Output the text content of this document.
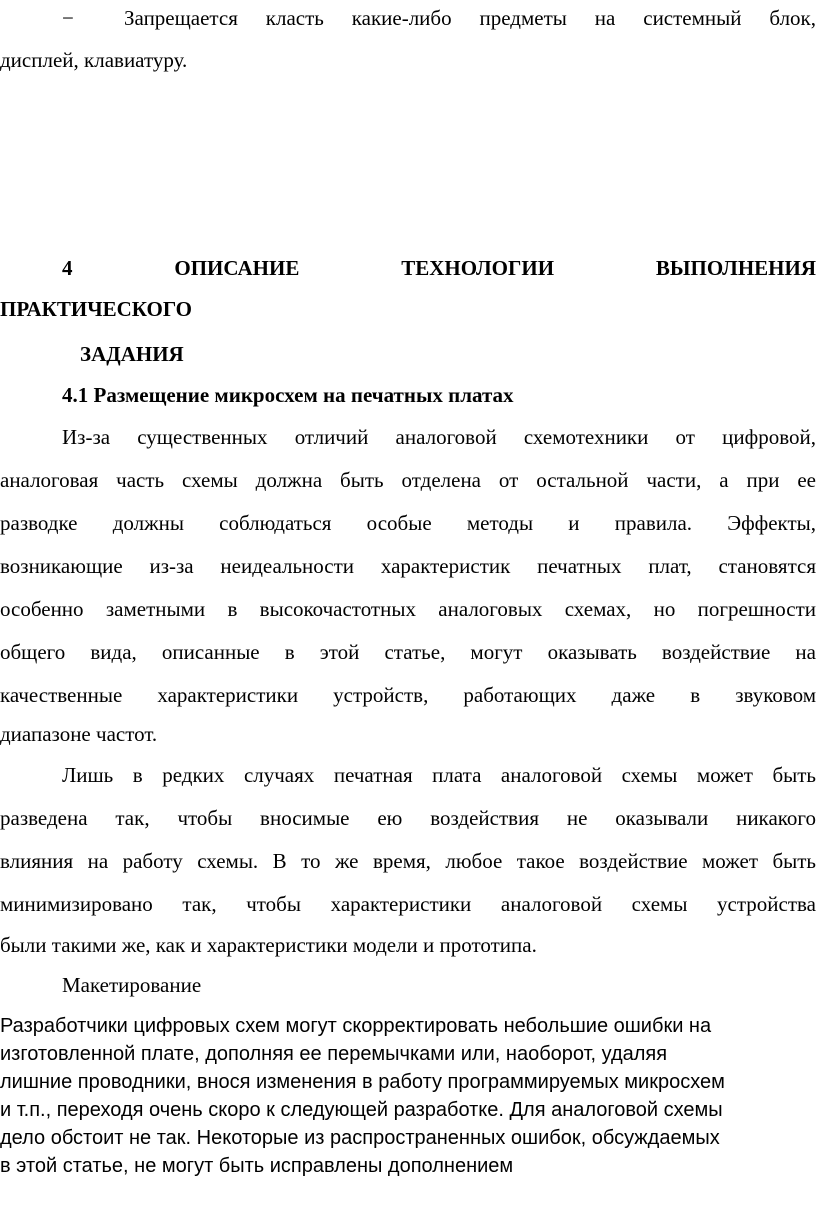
− Запрещается класть какие-либо предметы на системный блок,
дисплей, клавиатуру.
4	ОПИСАНИЕ	ТЕХНОЛОГИИ	ВЫПОЛНЕНИЯ
ПРАКТИЧЕСКОГО
ЗАДАНИЯ
4.1 Размещение микросхем на печатных платах
Из-за существенных отличий аналоговой схемотехники от цифровой,
аналоговая часть схемы должна быть отделена от остальной части, а при ее
разводке должны соблюдаться особые методы и правила. Эффекты,
возникающие из-за неидеальности характеристик печатных плат, становятся
особенно заметными в высокочастотных аналоговых схемах, но погрешности
общего вида, описанные в этой статье, могут оказывать воздействие на
качественные характеристики устройств, работающих даже в звуковом
диапазоне частот.
Лишь в редких случаях печатная плата аналоговой схемы может быть
разведена так, чтобы вносимые ею воздействия не оказывали никакого
влияния на работу схемы. В то же время, любое такое воздействие может быть
минимизировано так, чтобы характеристики аналоговой схемы устройства
были такими же, как и характеристики модели и прототипа.
Макетирование
Разработчики цифровых схем могут скорректировать небольшие ошибки на
изготовленной плате, дополняя ее перемычками или, наоборот, удаляя
лишние проводники, внося изменения в работу программируемых микросхем
и т.п., переходя очень скоро к следующей разработке. Для аналоговой схемы
дело обстоит не так. Некоторые из распространенных ошибок, обсуждаемых
в этой статье, не могут быть исправлены дополнением
